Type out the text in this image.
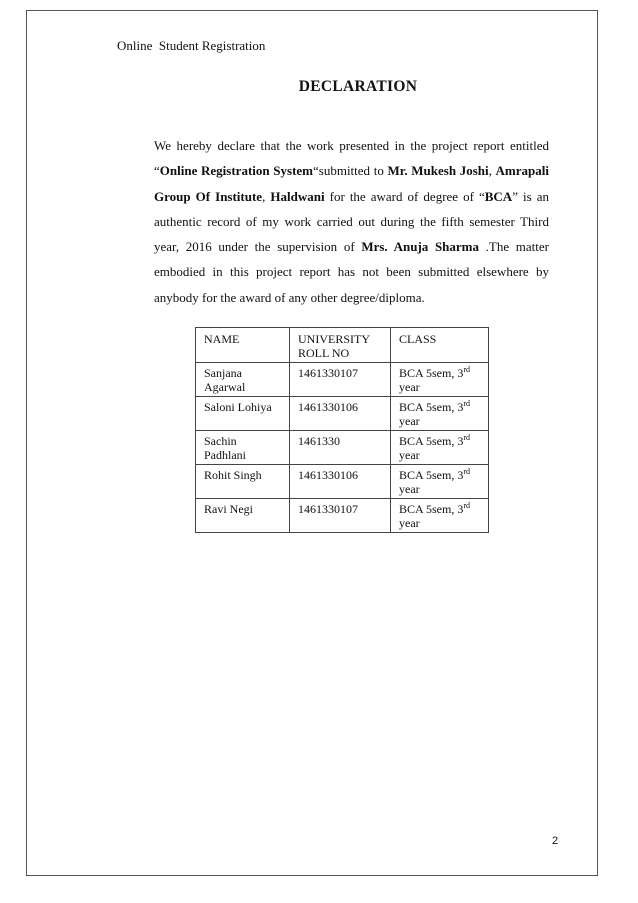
Online  Student Registration
DECLARATION

We hereby declare that the work presented in the project report entitled “Online Registration System“submitted to Mr. Mukesh Joshi, Amrapali Group Of Institute, Haldwani for the award of degree of “BCA” is an authentic record of my work carried out during the fifth semester Third year, 2016 under the supervision of Mrs. Anuja Sharma .The matter embodied in this project report has not been submitted elsewhere by anybody for the award of any other degree/diploma.

NAME	UNIVERSITY ROLL NO	CLASS
Sanjana Agarwal	1461330107	BCA 5sem, 3rd year
Saloni Lohiya	1461330106	BCA 5sem, 3rd year
Sachin Padhlani	1461330	BCA 5sem, 3rd year
Rohit Singh	1461330106	BCA 5sem, 3rd year
Ravi Negi	1461330107	BCA 5sem, 3rd year
2
